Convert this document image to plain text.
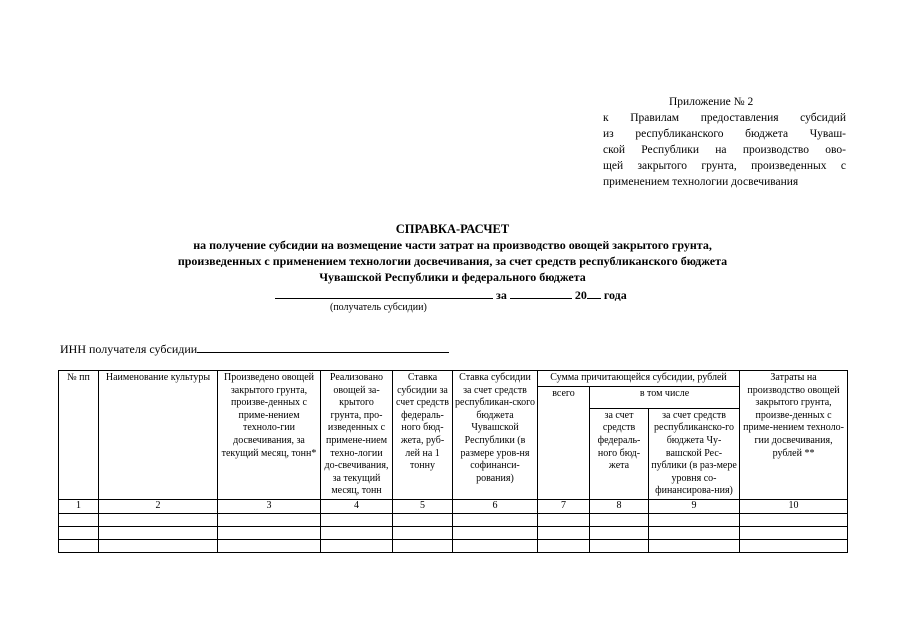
Приложение № 2
к Правилам предоставления субсидий
из республиканского бюджета Чуваш-
ской Республики на производство ово-
щей закрытого грунта, произведенных с
применением технологии досвечивания
СПРАВКА-РАСЧЕТ
на получение субсидии на возмещение части затрат на производство овощей закрытого грунта,
произведенных с применением технологии досвечивания, за счет средств республиканского бюджета
Чувашской Республики и федерального бюджета
за	20 года
(получатель субсидии)
ИНН получателя субсидии
№ пп	Наименование культуры	Произведено овощей закрытого грунта, произве-денных с приме-нением техноло-гии досвечивания, за текущий месяц, тонн*	Реализовано овощей за-крытого грунта, про-изведенных с примене-нием техно-логии до-свечивания, за текущий месяц, тонн	Ставка субсидии за счет средств федераль-ного бюд-жета, руб-лей на 1 тонну	Ставка субсидии за счет средств республикан-ского бюджета Чувашской Республики (в размере уров-ня софинанси-рования)	Сумма причитающейся субсидии, рублей			Затраты на производство овощей закрытого грунта, произве-денных с приме-нением техноло-гии досвечивания, рублей **
						всего	в том числе		
							за счет средств федераль-ного бюд-жета	за счет средств республиканско-го бюджета Чу-вашской Рес-публики (в раз-мере уровня со-финансирова-ния)	
1	2	3	4	5	6	7	8	9	10
